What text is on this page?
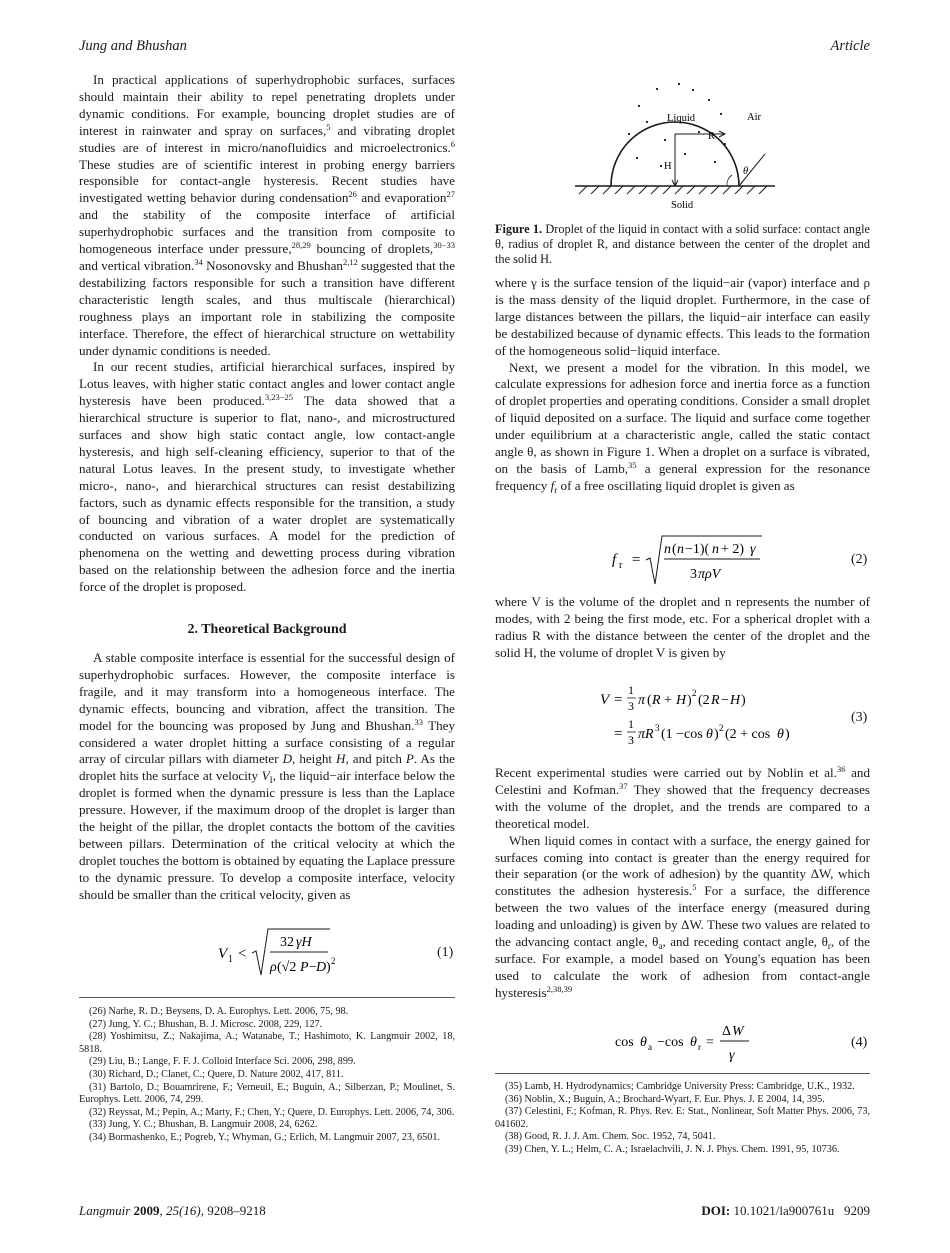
Jung and Bhushan	Article

In practical applications of superhydrophobic surfaces, surfaces should maintain their ability to repel penetrating droplets under dynamic conditions. For example, bouncing droplet studies are of interest in rainwater and spray on surfaces,$^5$ and vibrating droplet studies are of interest in micro/nanofluidics and microelectronics.$^6$ These studies are of scientific interest in probing energy barriers responsible for contact-angle hysteresis. Recent studies have investigated wetting behavior during condensation$^{26}$ and evaporation$^{27}$ and the stability of the composite interface of artificial superhydrophobic surfaces and the transition from composite to homogeneous interface under pressure,$^{28,29}$ bouncing of droplets,$^{30-33}$ and vertical vibration.$^{34}$ Nosonovsky and Bhushan$^{2,12}$ suggested that the destabilizing factors responsible for such a transition have different characteristic length scales, and thus multiscale (hierarchical) roughness plays an important role in stabilizing the composite interface. Therefore, the effect of hierarchical structure on wettability under dynamic conditions is needed.

In our recent studies, artificial hierarchical surfaces, inspired by Lotus leaves, with higher static contact angles and lower contact angle hysteresis have been produced.$^{3,23-25}$ The data showed that a hierarchical structure is superior to flat, nano-, and microstructured surfaces and show high static contact angle, low contact-angle hysteresis, and high self-cleaning efficiency, superior to that of the natural Lotus leaves. In the present study, to investigate whether micro-, nano-, and hierarchical structures can resist destabilizing factors, such as dynamic effects responsible for the transition, a study of bouncing and vibration of a water droplet are systematically conducted on various surfaces. A model for the prediction of phenomena on the wetting and dewetting process during vibration based on the relationship between the adhesion force and the inertia force of the droplet is proposed.

2. Theoretical Background

A stable composite interface is essential for the successful design of superhydrophobic surfaces. However, the composite interface is fragile, and it may transform into a homogeneous interface. The dynamic effects, bouncing and vibration, affect the transition. The model for the bouncing was proposed by Jung and Bhushan.$^{33}$ They considered a water droplet hitting a surface consisting of a regular array of circular pillars with diameter D, height H, and pitch P. As the droplet hits the surface at velocity $V_I$, the liquid−air interface below the droplet is formed when the dynamic pressure is less than the Laplace pressure. However, if the maximum droop of the droplet is larger than the height of the pillar, the droplet contacts the bottom of the cavities between pillars. Determination of the critical velocity at which the droplet touches the bottom is obtained by equating the Laplace pressure to the dynamic pressure. To develop a composite interface, velocity should be smaller than the critical velocity, given as

V 1 <
32 γH
ρ (√2 P − D ) 2
(1)
(26) Narhe, R. D.; Beysens, D. A. Europhys. Lett. 2006, 75, 98.
(27) Jung, Y. C.; Bhushan, B. J. Microsc. 2008, 229, 127.
(28) Yoshimitsu, Z.; Nakajima, A.; Watanabe, T.; Hashimoto, K. Langmuir 2002, 18, 5818.
(29) Liu, B.; Lange, F. F. J. Colloid Interface Sci. 2006, 298, 899.
(30) Richard, D.; Clanet, C.; Quere, D. Nature 2002, 417, 811.
(31) Bartolo, D.; Bouamrirene, F.; Verneuil, E.; Buguin, A.; Silberzan, P.; Moulinet, S. Europhys. Lett. 2006, 74, 299.
(32) Reyssat, M.; Pepin, A.; Marty, F.; Chen, Y.; Quere, D. Europhys. Lett. 2006, 74, 306.
(33) Jung, Y. C.; Bhushan, B. Langmuir 2008, 24, 6262.
(34) Bormashenko, E.; Pogreb, Y.; Whyman, G.; Erlich, M. Langmuir 2007, 23, 6501.
Liquid	Air
R
H	θ
Solid
Figure 1. Droplet of the liquid in contact with a solid surface: contact angle θ, radius of droplet R, and distance between the center of the droplet and the solid H.

where γ is the surface tension of the liquid−air (vapor) interface and ρ is the mass density of the liquid droplet. Furthermore, in the case of large distances between the pillars, the liquid−air interface can easily be destabilized because of dynamic effects. This leads to the formation of the homogeneous solid−liquid interface.

Next, we present a model for the vibration. In this model, we calculate expressions for adhesion force and inertia force as a function of droplet properties and operating conditions. Consider a small droplet of liquid deposited on a surface. The liquid and surface come together under equilibrium at a characteristic angle, called the static contact angle θ, as shown in Figure 1. When a droplet on a surface is vibrated, on the basis of Lamb,$^{35}$ a general expression for the resonance frequency $f_r$ of a free oscillating liquid droplet is given as

f r =
n ( n −1)( n + 2) γ
3 πρV
(2)

where V is the volume of the droplet and n represents the number of modes, with 2 being the first mode, etc. For a spherical droplet with a radius R with the distance between the center of the droplet and the solid H, the volume of droplet V is given by

V =
1
3 π ( R + H ) 2 (2 R − H )
=
1
3 πR 3 (1 −cos θ ) 2 (2 + cos θ )
(3)

Recent experimental studies were carried out by Noblin et al.$^{36}$ and Celestini and Kofman.$^{37}$ They showed that the frequency decreases with the volume of the droplet, and the trends are compared to a theoretical model.

When liquid comes in contact with a surface, the energy gained for surfaces coming into contact is greater than the energy required for their separation (or the work of adhesion) by the quantity ΔW, which constitutes the adhesion hysteresis.$^5$ For a surface, the difference between the two values of the interface energy (measured during loading and unloading) is given by ΔW. These two values are related to the advancing contact angle, $\theta_a$, and receding contact angle, $\theta_r$, of the surface. For example, a model based on Young's equation has been used to calculate the work of adhesion from contact-angle hysteresis$^{2,38,39}$

cos θ a −cos θ r =
Δ W
γ
(4)
(35) Lamb, H. Hydrodynamics; Cambridge University Press: Cambridge, U.K., 1932.
(36) Noblin, X.; Buguin, A.; Brochard-Wyart, F. Eur. Phys. J. E 2004, 14, 395.
(37) Celestini, F.; Kofman, R. Phys. Rev. E: Stat., Nonlinear, Soft Matter Phys. 2006, 73, 041602.
(38) Good, R. J. J. Am. Chem. Soc. 1952, 74, 5041.
(39) Chen, Y. L.; Helm, C. A.; Israelachvili, J. N. J. Phys. Chem. 1991, 95, 10736.
Langmuir 2009, 25(16), 9208–9218	DOI: 10.1021/la900761u 9209
